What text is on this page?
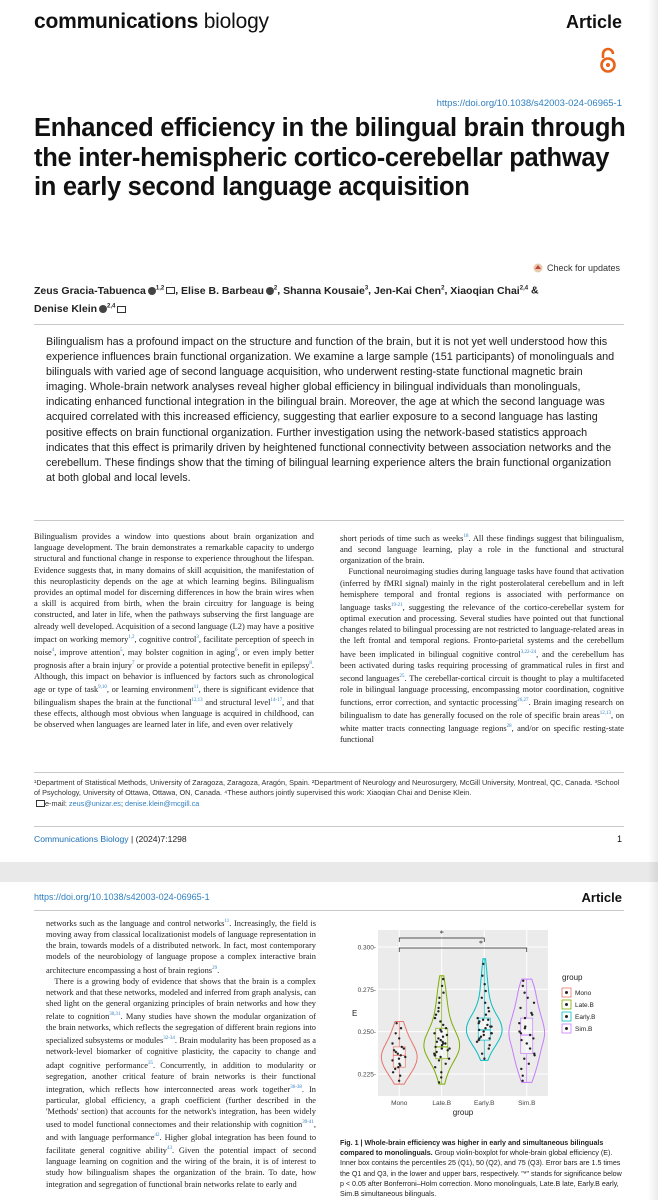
communications biology	Article
https://doi.org/10.1038/s42003-024-06965-1
Enhanced efficiency in the bilingual brain through the inter-hemispheric cortico-cerebellar pathway in early second language acquisition
Check for updates
Zeus Gracia-Tabuenca $^{1,2}$ , Elise B. Barbeau $^2$, Shanna Kousaie$^3$, Jen-Kai Chen$^2$, Xiaoqian Chai$^{2,4}$ &
Denise Klein $^{2,4}$

Bilingualism has a profound impact on the structure and function of the brain, but it is not yet well understood how this experience influences brain functional organization. We examine a large sample (151 participants) of monolinguals and bilinguals with varied age of second language acquisition, who underwent resting-state functional magnetic brain imaging. Whole-brain network analyses reveal higher global efficiency in bilingual individuals than monolinguals, indicating enhanced functional integration in the bilingual brain. Moreover, the age at which the second language was acquired correlated with this increased efficiency, suggesting that earlier exposure to a second language has lasting positive effects on brain functional organization. Further investigation using the network-based statistics approach indicates that this effect is primarily driven by heightened functional connectivity between association networks and the cerebellum. These findings show that the timing of bilingual learning experience alters the brain functional organization at both global and local levels.

Bilingualism provides a window into questions about brain organization and language development. The brain demonstrates a remarkable capacity to undergo structural and functional change in response to experience throughout the lifespan. Evidence suggests that, in many domains of skill acquisition, the manifestation of this neuroplasticity depends on the age at which learning begins. Bilingualism provides an optimal model for discerning differences in how the brain wires when a skill is acquired from birth, when the brain circuitry for language is being constructed, and later in life, when the pathways subserving the first language are already well developed. Acquisition of a second language (L2) may have a positive impact on working memory$^{1,2}$, cognitive control$^3$, facilitate perception of speech in noise$^4$, improve attention$^5$, may bolster cognition in aging$^6$, or even imply better prognosis after a brain injury$^7$ or provide a potential protective benefit in epilepsy$^8$. Although, this impact on behavior is influenced by factors such as chronological age or type of task$^{9,10}$, or learning environment$^{11}$, there is significant evidence that bilingualism shapes the brain at the functional$^{12,13}$ and structural level$^{14-17}$, and that these effects, although most obvious when language is acquired in childhood, can be observed when languages are learned later in life, and even over relatively

short periods of time such as weeks$^{18}$. All these findings suggest that bilingualism, and second language learning, play a role in the functional and structural organization of the brain.
 Functional neuroimaging studies during language tasks have found that activation (inferred by fMRI signal) mainly in the right posterolateral cerebellum and in left hemisphere temporal and frontal regions is associated with performance on language tasks$^{19-21}$, suggesting the relevance of the cortico-cerebellar system for optimal execution and processing. Several studies have pointed out that functional changes related to bilingual processing are not restricted to language-related areas in the left frontal and temporal regions. Fronto-parietal systems and the cerebellum have been implicated in bilingual cognitive control$^{3,22-24}$, and the cerebellum has been activated during tasks requiring processing of grammatical rules in first and second languages$^{25}$. The cerebellar-cortical circuit is thought to play a multifaceted role in bilingual language processing, encompassing motor coordination, cognitive functions, error correction, and syntactic processing$^{26,27}$. Brain imaging research on bilingualism to date has generally focused on the role of specific brain areas$^{12,13}$, on white matter tracts connecting language regions$^{28}$, and/or on specific resting-state functional

¹Department of Statistical Methods, University of Zaragoza, Zaragoza, Aragón, Spain. ²Department of Neurology and Neurosurgery, McGill University, Montreal, QC, Canada. ³School of Psychology, University of Ottawa, Ottawa, ON, Canada. ⁴These authors jointly supervised this work: Xiaoqian Chai and Denise Klein.
e-mail: zeus@unizar.es; denise.klein@mcgill.ca

Communications Biology | (2024)7:1298	1
https://doi.org/10.1038/s42003-024-06965-1	Article

networks such as the language and control networks$^{11}$. Increasingly, the field is moving away from classical localizationist models of language representation in the brain, towards models of a distributed network. In fact, most contemporary models of the neurobiology of language propose a complex interactive brain architecture encompassing a host of brain regions$^{29}$.
 There is a growing body of evidence that shows that the brain is a complex network and that these networks, modeled and inferred from graph analysis, can shed light on the general organizing principles of brain networks and how they relate to cognition$^{30,31}$. Many studies have shown the modular organization of the brain networks, which reflects the segregation of different brain regions into specialized subsystems or modules$^{32-34}$. Brain modularity has been proposed as a network-level biomarker of cognitive plasticity, the capacity to change and adapt cognitive performance$^{35}$. Concurrently, in addition to modularity or segregation, another critical feature of brain networks is their functional integration, which reflects how interconnected areas work together$^{36-38}$. In particular, global efficiency, a graph coefficient (further described in the 'Methods' section) that accounts for the network's integration, has been widely used to model functional connectomes and their relationship with cognition$^{39-41}$, and with language performance$^{42}$. Higher global integration has been found to facilitate general cognitive ability$^{43}$. Given the potential impact of second language learning on cognition and the wiring of the brain, it is of interest to study how bilingualism shapes the organization of the brain. To date, how integration and segregation of functional brain networks relate to early and

0.225-
0.250-
0.275-
0.300-
Mono	Late.B	Early.B	Sim.B
group
E
*
*
group
Mono
Late.B
Early.B
Sim.B

Fig. 1 | Whole-brain efficiency was higher in early and simultaneous bilinguals compared to monolinguals. Group violin-boxplot for whole-brain global efficiency (E). Inner box contains the percentiles 25 (Q1), 50 (Q2), and 75 (Q3). Error bars are 1.5 times the Q1 and Q3, in the lower and upper bars, respectively. "*" stands for significance below p < 0.05 after Bonferroni–Holm correction. Mono monolinguals, Late.B late, Early.B early, Sim.B simultaneous bilinguals.
